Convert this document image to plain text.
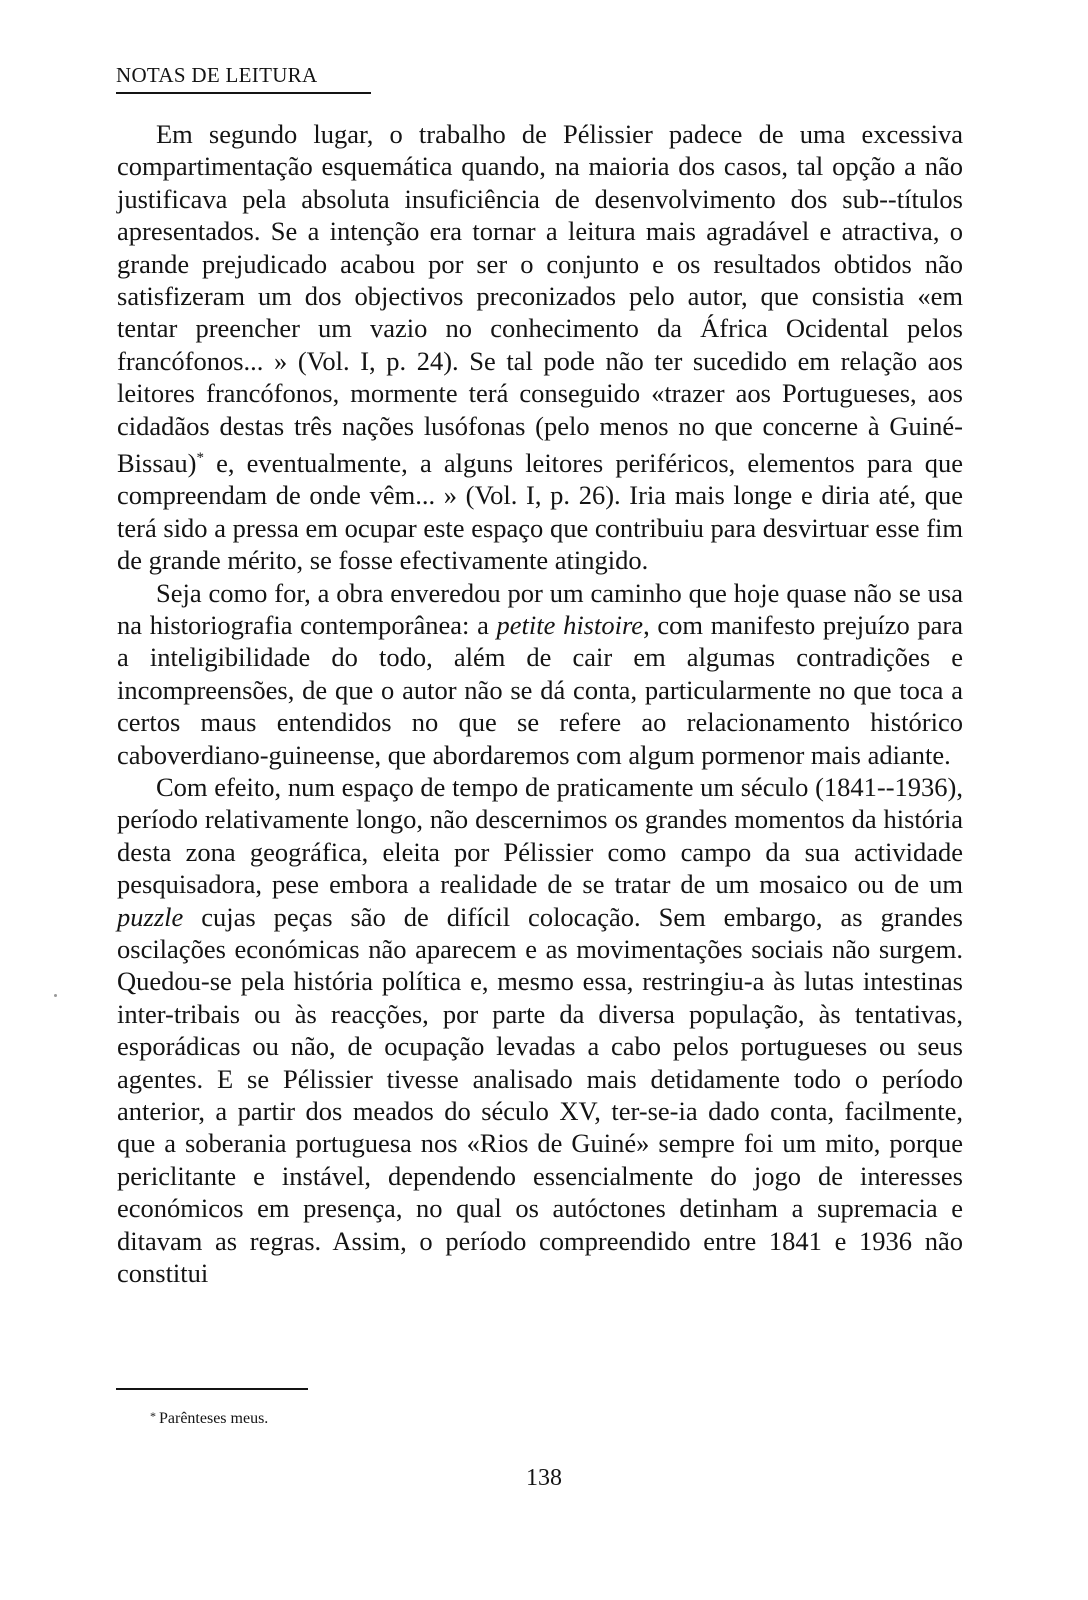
NOTAS DE LEITURA

Em segundo lugar, o trabalho de Pélissier padece de uma excessiva compartimentação esquemática quando, na maioria dos casos, tal opção a não justificava pela absoluta insuficiência de desenvolvimento dos sub--títulos apresentados. Se a intenção era tornar a leitura mais agradável e atractiva, o grande prejudicado acabou por ser o conjunto e os resultados obtidos não satisfizeram um dos objectivos preconizados pelo autor, que consistia «em tentar preencher um vazio no conhecimento da África Ocidental pelos francófonos... » (Vol. I, p. 24). Se tal pode não ter sucedido em relação aos leitores francófonos, mormente terá conseguido «trazer aos Portugueses, aos cidadãos destas três nações lusófonas (pelo menos no que concerne à Guiné-Bissau)* e, eventualmente, a alguns leitores periféricos, elementos para que compreendam de onde vêm... » (Vol. I, p. 26). Iria mais longe e diria até, que terá sido a pressa em ocupar este espaço que contribuiu para desvirtuar esse fim de grande mérito, se fosse efectivamente atingido.

Seja como for, a obra enveredou por um caminho que hoje quase não se usa na historiografia contemporânea: a petite histoire, com manifesto prejuízo para a inteligibilidade do todo, além de cair em algumas contradições e incompreensões, de que o autor não se dá conta, particularmente no que toca a certos maus entendidos no que se refere ao relacionamento histórico caboverdiano-guineense, que abordaremos com algum pormenor mais adiante.

Com efeito, num espaço de tempo de praticamente um século (1841--1936), período relativamente longo, não descernimos os grandes momentos da história desta zona geográfica, eleita por Pélissier como campo da sua actividade pesquisadora, pese embora a realidade de se tratar de um mosaico ou de um puzzle cujas peças são de difícil colocação. Sem embargo, as grandes oscilações económicas não aparecem e as movimentações sociais não surgem. Quedou-se pela história política e, mesmo essa, restringiu-a às lutas intestinas inter-tribais ou às reacções, por parte da diversa população, às tentativas, esporádicas ou não, de ocupação levadas a cabo pelos portugueses ou seus agentes. E se Pélissier tivesse analisado mais detidamente todo o período anterior, a partir dos meados do século XV, ter-se-ia dado conta, facilmente, que a soberania portuguesa nos «Rios de Guiné» sempre foi um mito, porque periclitante e instável, dependendo essencialmente do jogo de interesses económicos em presença, no qual os autóctones detinham a supremacia e ditavam as regras. Assim, o período compreendido entre 1841 e 1936 não constitui

* Parênteses meus.
138
